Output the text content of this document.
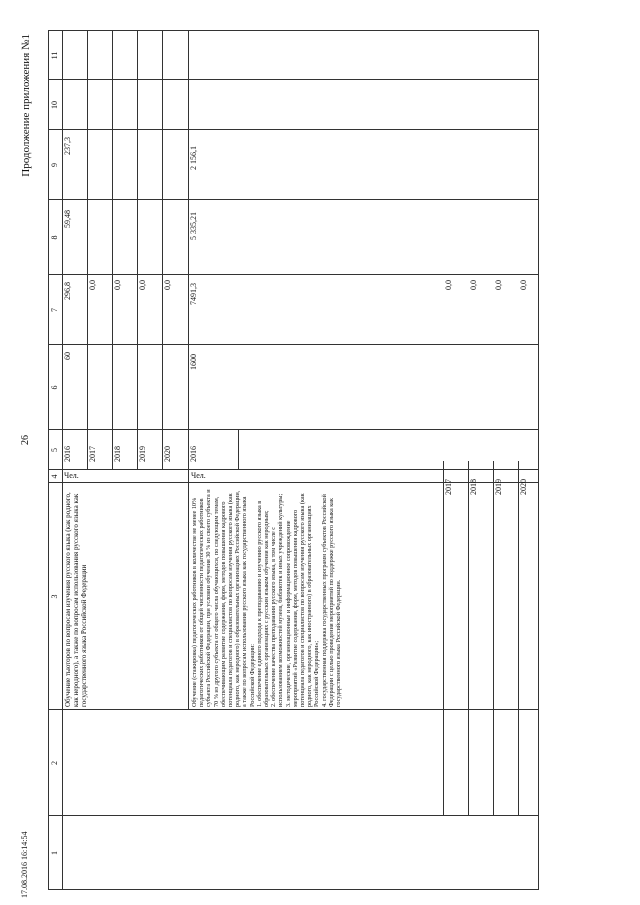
26
Продолжение приложения №1
17.08.2016 16:14:54	1
2
3
4
5
6
7
8
9
10
11
Обучение тьюторов по вопросам изучения русского языка (как родного, как неродного), а также по вопросам использования русского языка как государственного языка Российской Федерации
Чел.
2016 2017 2018 2019 2020
60
296,8 0,0 0,0 0,0 0,0
59,48
237,3
Обучение (стажировка) педагогических работников в количестве не менее 10% педагогических работников от общей численности педагогических работников субъекта Российской Федерации, при условии обучения 30 % из своего субъекта и 70 % из другого субъекта от общего числа обучающихся, по следующим темам, обеспечивающим развитие содержания, форм, методов повышения кадрового потенциала педагогов и специалистов по вопросам изучения русского языка (как родного, как неродного) в образовательных организациях Российской Федерации, а также по вопросам использования русского языка как государственного языка Российской Федерации:
1. обеспечение единого подхода к преподаванию и изучению русского языка в образовательных организациях с русским языком обучения как неродным;
2. обеспечение качества преподавания русского языка, в том числе с использованием возможностей музеев, библиотек и иных учреждений культуры;
3. методические, организационные и информационное сопровождение мероприятий «Развитие содержания, форм, методов повышения кадрового потенциала педагогов и специалистов по вопросам изучения русского языка (как родного, как неродного, как иностранного) в образовательных организациях Российской Федерации»;
4. государственная поддержка государственных программ субъектов Российской Федерации с целью проведения мероприятий по поддержке русского языка как государственного языка Российской Федерации.
Чел.
2016
1600
7491,3
5 335,21
2 156,1
0,0
2017
0,0
2018
0,0
2019
0,0
2020
